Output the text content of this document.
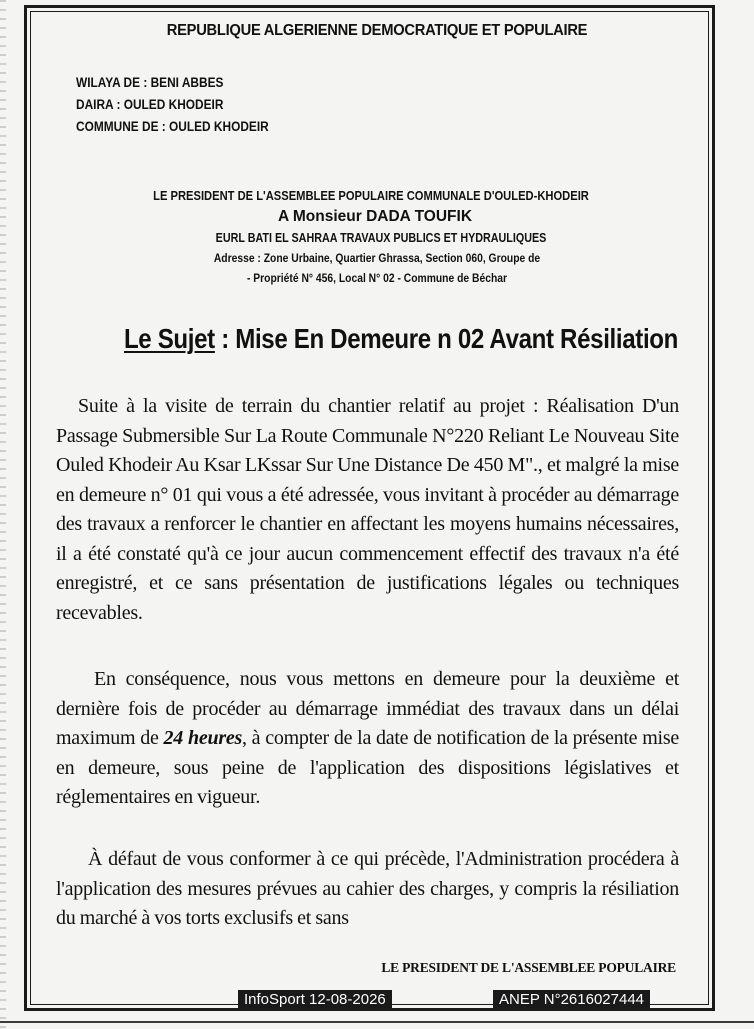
REPUBLIQUE ALGERIENNE DEMOCRATIQUE ET POPULAIRE
WILAYA DE : BENI ABBES
DAIRA : OULED KHODEIR
COMMUNE DE : OULED KHODEIR
LE PRESIDENT DE L'ASSEMBLEE POPULAIRE COMMUNALE D'OULED-KHODEIR
A Monsieur DADA TOUFIK
EURL BATI EL SAHRAA TRAVAUX PUBLICS ET HYDRAULIQUES
Adresse : Zone Urbaine, Quartier Ghrassa, Section 060, Groupe de
- Propriété N° 456, Local N° 02 - Commune de Béchar
Le Sujet : Mise En Demeure n 02 Avant Résiliation
Suite à la visite de terrain du chantier relatif au projet : Réalisation D'un Passage Submersible Sur La Route Communale N°220 Reliant Le Nouveau Site Ouled Khodeir Au Ksar LKssar Sur Une Distance De 450 M"., et malgré la mise en demeure n° 01 qui vous a été adressée, vous invitant à procéder au démarrage des travaux a renforcer le chantier en affectant les moyens humains nécessaires, il a été constaté qu'à ce jour aucun commencement effectif des travaux n'a été enregistré, et ce sans présentation de justifications légales ou techniques recevables.
En conséquence, nous vous mettons en demeure pour la deuxième et dernière fois de procéder au démarrage immédiat des travaux dans un délai maximum de 24 heures, à compter de la date de notification de la présente mise en demeure, sous peine de l'application des dispositions législatives et réglementaires en vigueur.
À défaut de vous conformer à ce qui précède, l'Administration procédera à l'application des mesures prévues au cahier des charges, y compris la résiliation du marché à vos torts exclusifs et sans
LE PRESIDENT DE L'ASSEMBLEE POPULAIRE
InfoSport 12-08-2026	ANEP N°2616027444
